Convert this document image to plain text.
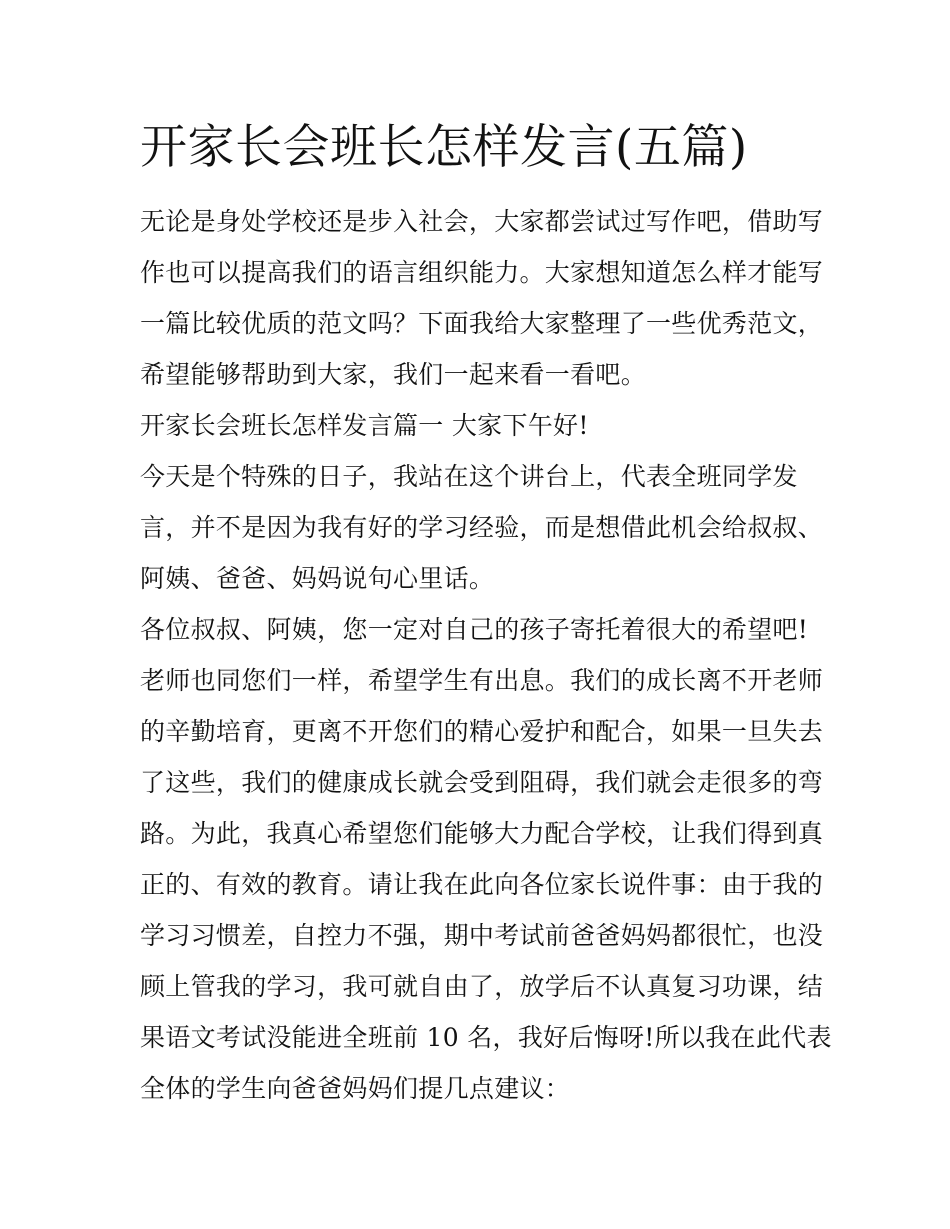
开家长会班长怎样发言(五篇)
无论是身处学校还是步入社会，大家都尝试过写作吧，借助写
作也可以提高我们的语言组织能力。大家想知道怎么样才能写
一篇比较优质的范文吗？下面我给大家整理了一些优秀范文，
希望能够帮助到大家，我们一起来看一看吧。
开家长会班长怎样发言篇一 大家下午好!
今天是个特殊的日子，我站在这个讲台上，代表全班同学发
言，并不是因为我有好的学习经验，而是想借此机会给叔叔、
阿姨、爸爸、妈妈说句心里话。
各位叔叔、阿姨，您一定对自己的孩子寄托着很大的希望吧!
老师也同您们一样，希望学生有出息。我们的成长离不开老师
的辛勤培育，更离不开您们的精心爱护和配合，如果一旦失去
了这些，我们的健康成长就会受到阻碍，我们就会走很多的弯
路。为此，我真心希望您们能够大力配合学校，让我们得到真
正的、有效的教育。请让我在此向各位家长说件事：由于我的
学习习惯差，自控力不强，期中考试前爸爸妈妈都很忙，也没
顾上管我的学习，我可就自由了，放学后不认真复习功课，结
果语文考试没能进全班前 10 名，我好后悔呀!所以我在此代表
全体的学生向爸爸妈妈们提几点建议：
